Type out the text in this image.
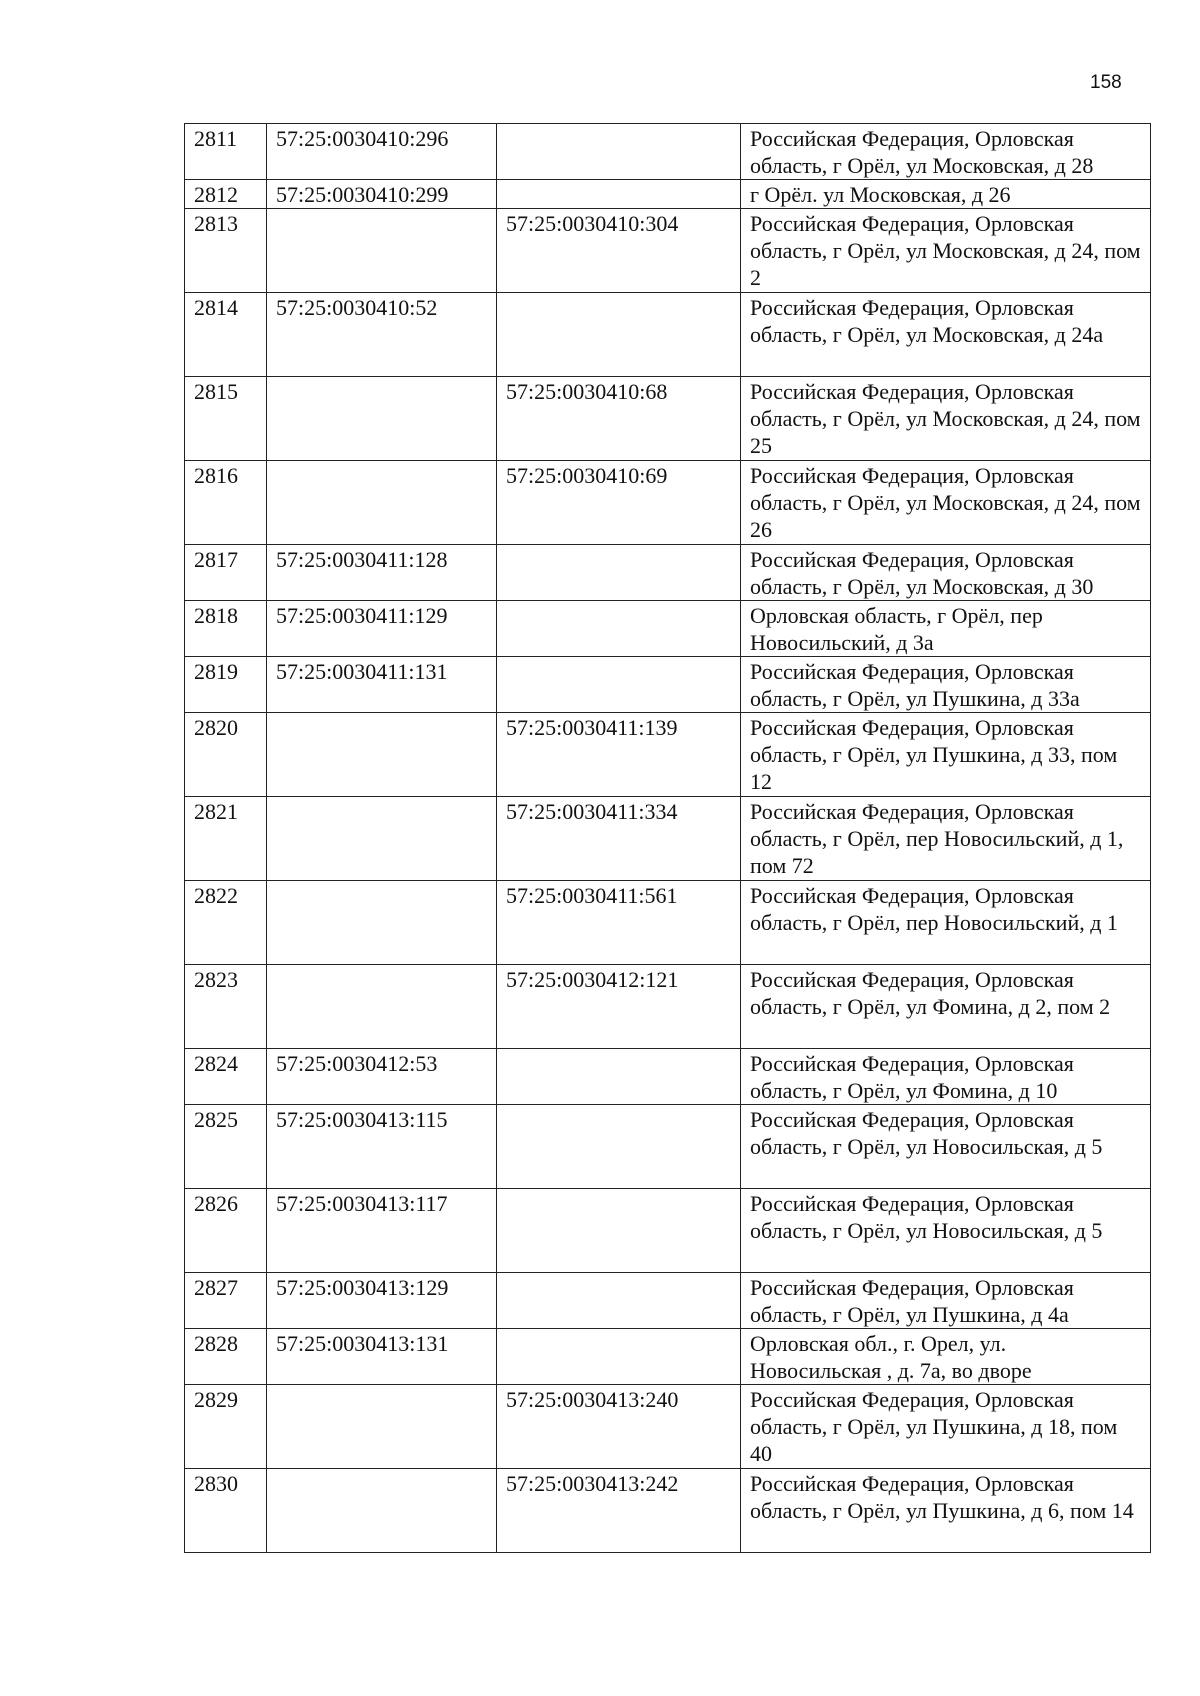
158
2811	57:25:0030410:296		Российская Федерация, Орловская область, г Орёл, ул Московская, д 28
2812	57:25:0030410:299		г Орёл. ул Московская, д 26
2813		57:25:0030410:304	Российская Федерация, Орловская область, г Орёл, ул Московская, д 24, пом 2
2814	57:25:0030410:52		Российская Федерация, Орловская область, г Орёл, ул Московская, д 24а
2815		57:25:0030410:68	Российская Федерация, Орловская область, г Орёл, ул Московская, д 24, пом 25
2816		57:25:0030410:69	Российская Федерация, Орловская область, г Орёл, ул Московская, д 24, пом 26
2817	57:25:0030411:128		Российская Федерация, Орловская область, г Орёл, ул Московская, д 30
2818	57:25:0030411:129		Орловская область, г Орёл, пер Новосильский, д 3а
2819	57:25:0030411:131		Российская Федерация, Орловская область, г Орёл, ул Пушкина, д 33а
2820		57:25:0030411:139	Российская Федерация, Орловская область, г Орёл, ул Пушкина, д 33, пом 12
2821		57:25:0030411:334	Российская Федерация, Орловская область, г Орёл, пер Новосильский, д 1, пом 72
2822		57:25:0030411:561	Российская Федерация, Орловская область, г Орёл, пер Новосильский, д 1
2823		57:25:0030412:121	Российская Федерация, Орловская область, г Орёл, ул Фомина, д 2, пом 2
2824	57:25:0030412:53		Российская Федерация, Орловская область, г Орёл, ул Фомина, д 10
2825	57:25:0030413:115		Российская Федерация, Орловская область, г Орёл, ул Новосильская, д 5
2826	57:25:0030413:117		Российская Федерация, Орловская область, г Орёл, ул Новосильская, д 5
2827	57:25:0030413:129		Российская Федерация, Орловская область, г Орёл, ул Пушкина, д 4а
2828	57:25:0030413:131		Орловская обл., г. Орел, ул. Новосильская , д. 7а, во дворе
2829		57:25:0030413:240	Российская Федерация, Орловская область, г Орёл, ул Пушкина, д 18, пом 40
2830		57:25:0030413:242	Российская Федерация, Орловская область, г Орёл, ул Пушкина, д 6, пом 14
